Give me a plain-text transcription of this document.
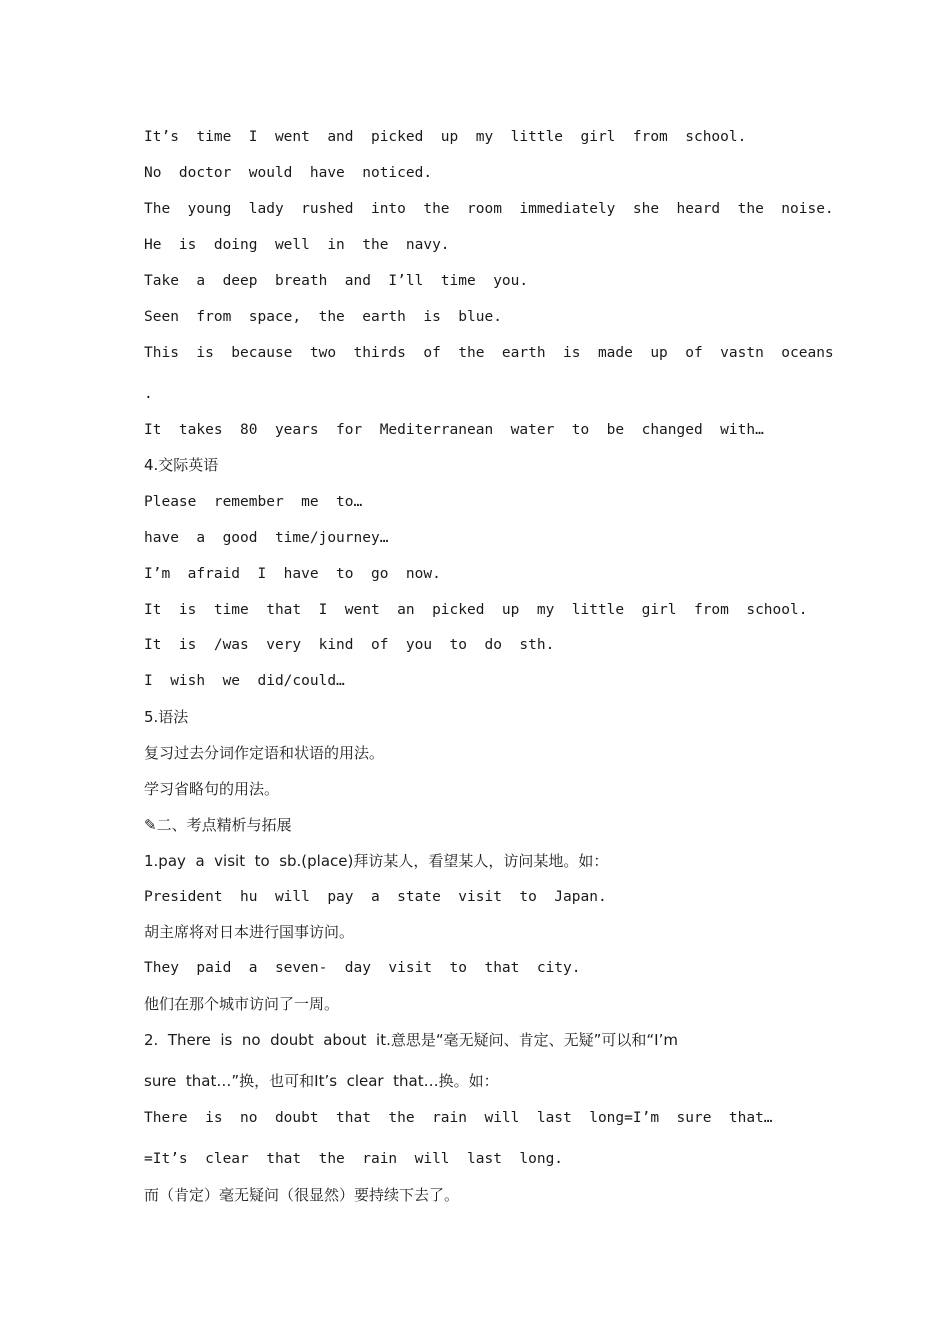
It’s  time  I  went  and  picked  up  my  little  girl  from  school.
No  doctor  would  have  noticed.
The  young  lady  rushed  into  the  room  immediately  she  heard  the  noise.
He  is  doing  well  in  the  navy.
Take  a  deep  breath  and  I’ll  time  you.
Seen  from  space,  the  earth  is  blue.
This  is  because  two  thirds  of  the  earth  is  made  up  of  vastn  oceans
.
It  takes  80  years  for  Mediterranean  water  to  be  changed  with…
4.交际英语
Please  remember  me  to…
have  a  good  time/journey…
I’m  afraid  I  have  to  go  now.
It  is  time  that  I  went  an  picked  up  my  little  girl  from  school.
It  is  /was  very  kind  of  you  to  do  sth.
I  wish  we  did/could…
5.语法
复习过去分词作定语和状语的用法。
学习省略句的用法。
✎二、考点精析与拓展
1.pay  a  visit  to  sb.(place)拜访某人，看望某人，访问某地。如：
President  hu  will  pay  a  state  visit  to  Japan.
胡主席将对日本进行国事访问。
They  paid  a  seven-  day  visit  to  that  city.
他们在那个城市访问了一周。
2.  There  is  no  doubt  about  it.意思是“毫无疑问、肯定、无疑”可以和“I’m
sure  that…”换，也可和It’s  clear  that…换。如：
There  is  no  doubt  that  the  rain  will  last  long=I’m  sure  that…
=It’s  clear  that  the  rain  will  last  long.
而（肯定）毫无疑问（很显然）要持续下去了。
